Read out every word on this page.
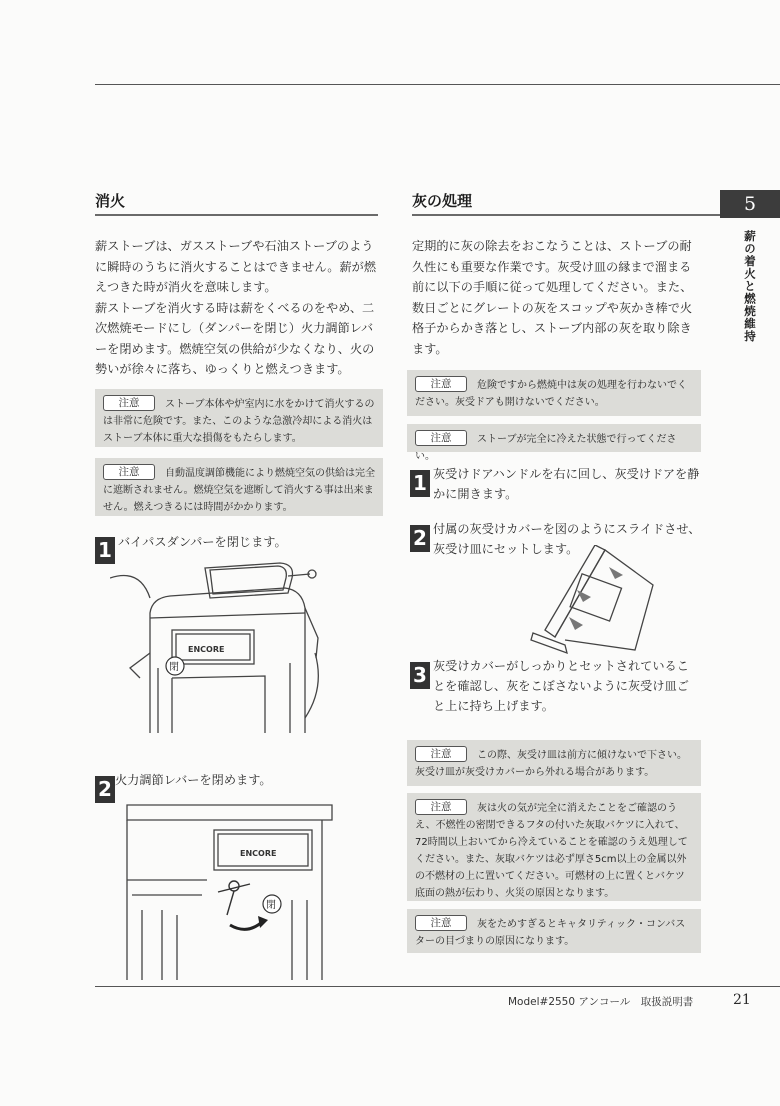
消火	灰の処理	5
薪の着火と燃焼維持

薪ストーブは、ガスストーブや石油ストーブのように瞬時のうちに消火することはできません。薪が燃えつきた時が消火を意味します。

薪ストーブを消火する時は薪をくべるのをやめ、二次燃焼モードにし（ダンパーを閉じ）火力調節レバーを閉めます。燃焼空気の供給が少なくなり、火の勢いが徐々に落ち、ゆっくりと燃えつきます。

注意	ストーブ本体や炉室内に水をかけて消火するのは非常に危険です。また、このような急激冷却による消火はストーブ本体に重大な損傷をもたらします。
注意	自動温度調節機能により燃焼空気の供給は完全に遮断されません。燃焼空気を遮断して消火する事は出来ません。燃えつきるには時間がかかります。
1 バイパスダンパーを閉じます。
ENCORE
閉
2 火力調節レバーを閉めます。
ENCORE
閉
定期的に灰の除去をおこなうことは、ストーブの耐久性にも重要な作業です。灰受け皿の縁まで溜まる前に以下の手順に従って処理してください。また、数日ごとにグレートの灰をスコップや灰かき棒で火格子からかき落とし、ストーブ内部の灰を取り除きます。
注意	危険ですから燃焼中は灰の処理を行わないでください。灰受ドアも開けないでください。
注意	ストーブが完全に冷えた状態で行ってください。
1 灰受けドアハンドルを右に回し、灰受けドアを静かに開きます。
2 付属の灰受けカバーを図のようにスライドさせ、灰受け皿にセットします。
3 灰受けカバーがしっかりとセットされていることを確認し、灰をこぼさないように灰受け皿ごと上に持ち上げます。
注意	この際、灰受け皿は前方に傾けないで下さい。灰受け皿が灰受けカバーから外れる場合があります。
注意	灰は火の気が完全に消えたことをご確認のうえ、不燃性の密閉できるフタの付いた灰取バケツに入れて、72時間以上おいてから冷えていることを確認のうえ処理してください。また、灰取バケツは必ず厚さ5cm以上の金属以外の不燃材の上に置いてください。可燃材の上に置くとバケツ底面の熱が伝わり、火災の原因となります。
注意	灰をためすぎるとキャタリティック・コンバスターの目づまりの原因になります。
Model#2550 アンコール　取扱説明書	21
